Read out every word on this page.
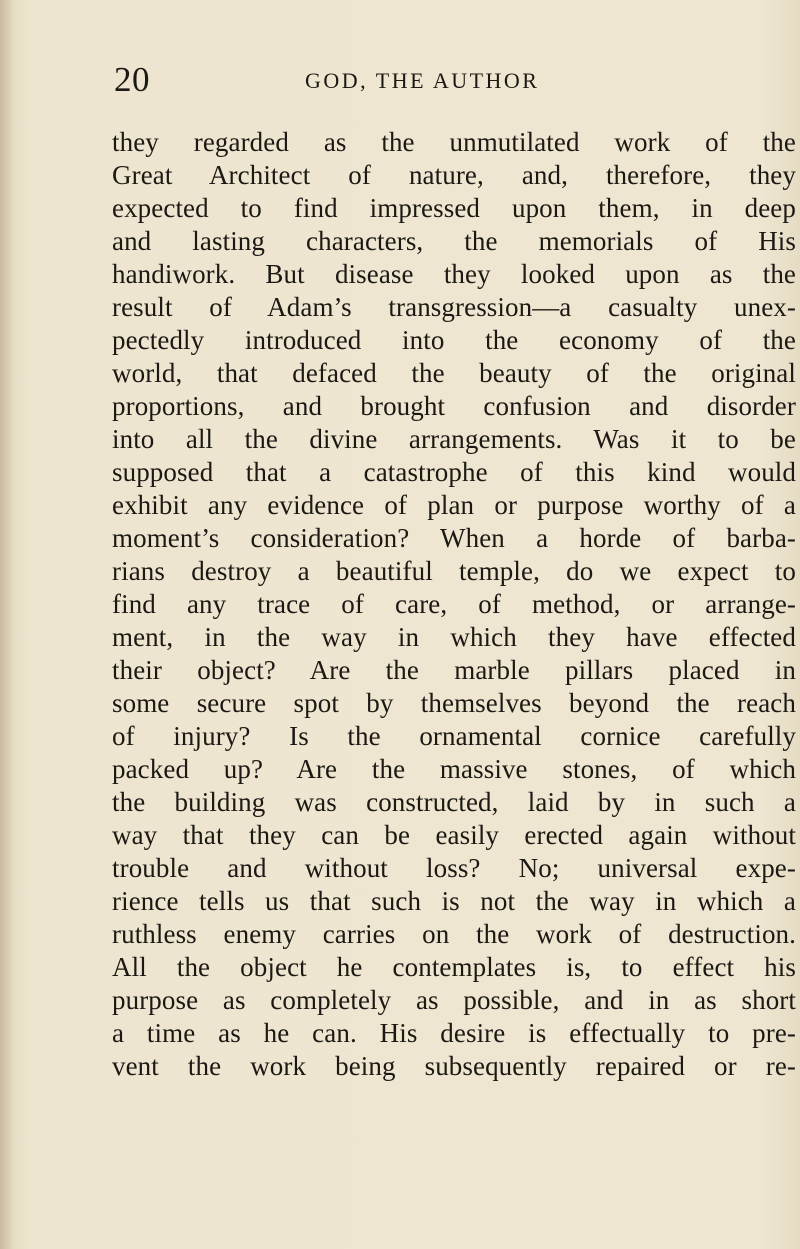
20	GOD, THE AUTHOR
they regarded as the unmutilated work of the
Great Architect of nature, and, therefore, they
expected to find impressed upon them, in deep
and lasting characters, the memorials of His
handiwork. But disease they looked upon as the
result of Adam’s transgression—a casualty unex-
pectedly introduced into the economy of the
world, that defaced the beauty of the original
proportions, and brought confusion and disorder
into all the divine arrangements. Was it to be
supposed that a catastrophe of this kind would
exhibit any evidence of plan or purpose worthy of a
moment’s consideration? When a horde of barba-
rians destroy a beautiful temple, do we expect to
find any trace of care, of method, or arrange-
ment, in the way in which they have effected
their object? Are the marble pillars placed in
some secure spot by themselves beyond the reach
of injury? Is the ornamental cornice carefully
packed up? Are the massive stones, of which
the building was constructed, laid by in such a
way that they can be easily erected again without
trouble and without loss? No; universal expe-
rience tells us that such is not the way in which a
ruthless enemy carries on the work of destruction.
All the object he contemplates is, to effect his
purpose as completely as possible, and in as short
a time as he can. His desire is effectually to pre-
vent the work being subsequently repaired or re-
